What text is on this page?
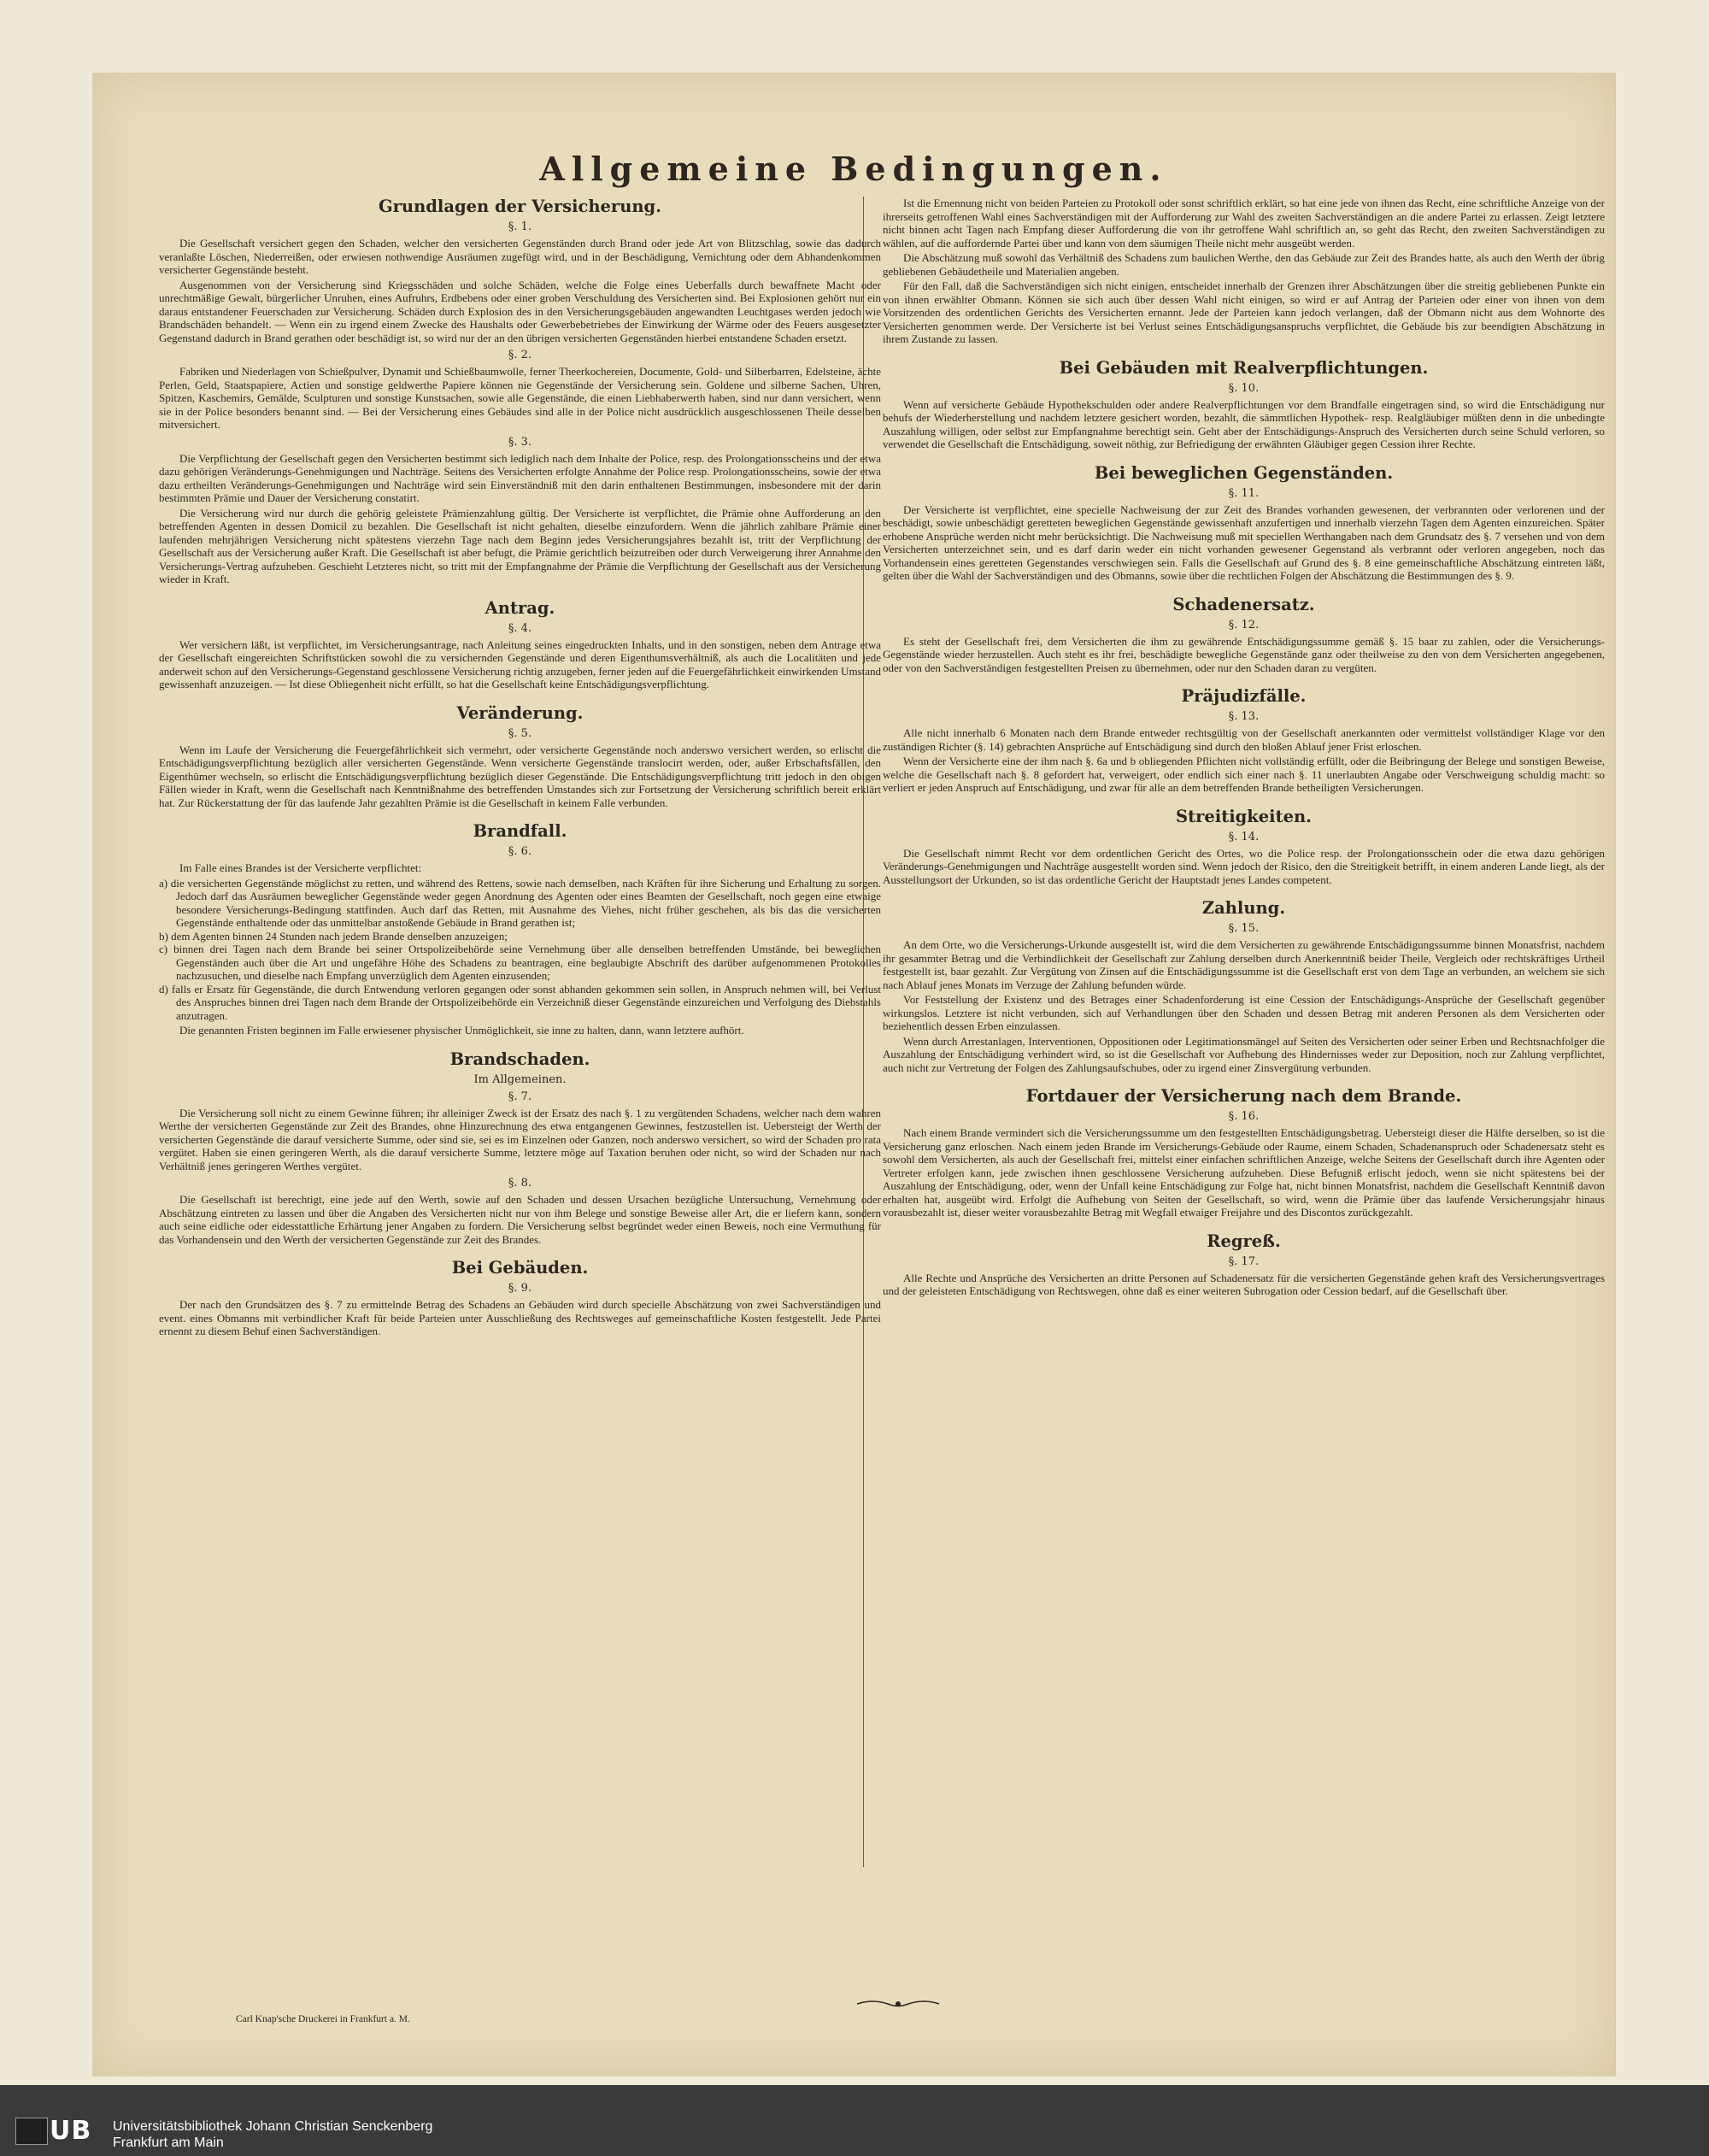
Allgemeine Bedingungen.
Grundlagen der Versicherung.
§. 1.

Die Gesellschaft versichert gegen den Schaden, welcher den versicherten Gegenständen durch Brand oder jede Art von Blitzschlag, sowie das dadurch veranlaßte Löschen, Niederreißen, oder erwiesen nothwendige Ausräumen zugefügt wird, und in der Beschädigung, Vernichtung oder dem Abhandenkommen versicherter Gegenstände besteht.

Ausgenommen von der Versicherung sind Kriegsschäden und solche Schäden, welche die Folge eines Ueberfalls durch bewaffnete Macht oder unrechtmäßige Gewalt, bürgerlicher Unruhen, eines Aufruhrs, Erdbebens oder einer groben Verschuldung des Versicherten sind. Bei Explosionen gehört nur ein daraus entstandener Feuerschaden zur Versicherung. Schäden durch Explosion des in den Versicherungsgebäuden angewandten Leuchtgases werden jedoch wie Brandschäden behandelt. — Wenn ein zu irgend einem Zwecke des Haushalts oder Gewerbebetriebes der Einwirkung der Wärme oder des Feuers ausgesetzter Gegenstand dadurch in Brand gerathen oder beschädigt ist, so wird nur der an den übrigen versicherten Gegenständen hierbei entstandene Schaden ersetzt.

§. 2.

Fabriken und Niederlagen von Schießpulver, Dynamit und Schießbaumwolle, ferner Theerkochereien, Documente, Gold- und Silberbarren, Edelsteine, ächte Perlen, Geld, Staatspapiere, Actien und sonstige geldwerthe Papiere können nie Gegenstände der Versicherung sein. Goldene und silberne Sachen, Uhren, Spitzen, Kaschemirs, Gemälde, Sculpturen und sonstige Kunstsachen, sowie alle Gegenstände, die einen Liebhaberwerth haben, sind nur dann versichert, wenn sie in der Police besonders benannt sind. — Bei der Versicherung eines Gebäudes sind alle in der Police nicht ausdrücklich ausgeschlossenen Theile desselben mitversichert.

§. 3.

Die Verpflichtung der Gesellschaft gegen den Versicherten bestimmt sich lediglich nach dem Inhalte der Police, resp. des Prolongationsscheins und der etwa dazu gehörigen Veränderungs-Genehmigungen und Nachträge. Seitens des Versicherten erfolgte Annahme der Police resp. Prolongationsscheins, sowie der etwa dazu ertheilten Veränderungs-Genehmigungen und Nachträge wird sein Einverständniß mit den darin enthaltenen Bestimmungen, insbesondere mit der darin bestimmten Prämie und Dauer der Versicherung constatirt.

Die Versicherung wird nur durch die gehörig geleistete Prämienzahlung gültig. Der Versicherte ist verpflichtet, die Prämie ohne Aufforderung an den betreffenden Agenten in dessen Domicil zu bezahlen. Die Gesellschaft ist nicht gehalten, dieselbe einzufordern. Wenn die jährlich zahlbare Prämie einer laufenden mehrjährigen Versicherung nicht spätestens vierzehn Tage nach dem Beginn jedes Versicherungsjahres bezahlt ist, tritt der Verpflichtung der Gesellschaft aus der Versicherung außer Kraft. Die Gesellschaft ist aber befugt, die Prämie gerichtlich beizutreiben oder durch Verweigerung ihrer Annahme den Versicherungs-Vertrag aufzuheben. Geschieht Letzteres nicht, so tritt mit der Empfangnahme der Prämie die Verpflichtung der Gesellschaft aus der Versicherung wieder in Kraft.

Antrag.
§. 4.

Wer versichern läßt, ist verpflichtet, im Versicherungsantrage, nach Anleitung seines eingedruckten Inhalts, und in den sonstigen, neben dem Antrage etwa der Gesellschaft eingereichten Schriftstücken sowohl die zu versichernden Gegenstände und deren Eigenthumsverhältniß, als auch die Localitäten und jede anderweit schon auf den Versicherungs-Gegenstand geschlossene Versicherung richtig anzugeben, ferner jeden auf die Feuergefährlichkeit einwirkenden Umstand gewissenhaft anzuzeigen. — Ist diese Obliegenheit nicht erfüllt, so hat die Gesellschaft keine Entschädigungsverpflichtung.

Veränderung.
§. 5.

Wenn im Laufe der Versicherung die Feuergefährlichkeit sich vermehrt, oder versicherte Gegenstände noch anderswo versichert werden, so erlischt die Entschädigungsverpflichtung bezüglich aller versicherten Gegenstände. Wenn versicherte Gegenstände translocirt werden, oder, außer Erbschaftsfällen, den Eigenthümer wechseln, so erlischt die Entschädigungsverpflichtung bezüglich dieser Gegenstände. Die Entschädigungsverpflichtung tritt jedoch in den obigen Fällen wieder in Kraft, wenn die Gesellschaft nach Kenntnißnahme des betreffenden Umstandes sich zur Fortsetzung der Versicherung schriftlich bereit erklärt hat. Zur Rückerstattung der für das laufende Jahr gezahlten Prämie ist die Gesellschaft in keinem Falle verbunden.

Brandfall.
§. 6.

Im Falle eines Brandes ist der Versicherte verpflichtet:

a) die versicherten Gegenstände möglichst zu retten, und während des Rettens, sowie nach demselben, nach Kräften für ihre Sicherung und Erhaltung zu sorgen. Jedoch darf das Ausräumen beweglicher Gegenstände weder gegen Anordnung des Agenten oder eines Beamten der Gesellschaft, noch gegen eine etwaige besondere Versicherungs-Bedingung stattfinden. Auch darf das Retten, mit Ausnahme des Viehes, nicht früher geschehen, als bis das die versicherten Gegenstände enthaltende oder das unmittelbar anstoßende Gebäude in Brand gerathen ist;
b) dem Agenten binnen 24 Stunden nach jedem Brande denselben anzuzeigen;
c) binnen drei Tagen nach dem Brande bei seiner Ortspolizeibehörde seine Vernehmung über alle denselben betreffenden Umstände, bei beweglichen Gegenständen auch über die Art und ungefähre Höhe des Schadens zu beantragen, eine beglaubigte Abschrift des darüber aufgenommenen Protokolles nachzusuchen, und dieselbe nach Empfang unverzüglich dem Agenten einzusenden;
d) falls er Ersatz für Gegenstände, die durch Entwendung verloren gegangen oder sonst abhanden gekommen sein sollen, in Anspruch nehmen will, bei Verlust des Anspruches binnen drei Tagen nach dem Brande der Ortspolizeibehörde ein Verzeichniß dieser Gegenstände einzureichen und Verfolgung des Diebstahls anzutragen.

Die genannten Fristen beginnen im Falle erwiesener physischer Unmöglichkeit, sie inne zu halten, dann, wann letztere aufhört.

Brandschaden.
Im Allgemeinen.
§. 7.

Die Versicherung soll nicht zu einem Gewinne führen; ihr alleiniger Zweck ist der Ersatz des nach §. 1 zu vergütenden Schadens, welcher nach dem wahren Werthe der versicherten Gegenstände zur Zeit des Brandes, ohne Hinzurechnung des etwa entgangenen Gewinnes, festzustellen ist. Uebersteigt der Werth der versicherten Gegenstände die darauf versicherte Summe, oder sind sie, sei es im Einzelnen oder Ganzen, noch anderswo versichert, so wird der Schaden pro rata vergütet. Haben sie einen geringeren Werth, als die darauf versicherte Summe, letztere möge auf Taxation beruhen oder nicht, so wird der Schaden nur nach Verhältniß jenes geringeren Werthes vergütet.

§. 8.

Die Gesellschaft ist berechtigt, eine jede auf den Werth, sowie auf den Schaden und dessen Ursachen bezügliche Untersuchung, Vernehmung oder Abschätzung eintreten zu lassen und über die Angaben des Versicherten nicht nur von ihm Belege und sonstige Beweise aller Art, die er liefern kann, sondern auch seine eidliche oder eidesstattliche Erhärtung jener Angaben zu fordern. Die Versicherung selbst begründet weder einen Beweis, noch eine Vermuthung für das Vorhandensein und den Werth der versicherten Gegenstände zur Zeit des Brandes.

Bei Gebäuden.
§. 9.

Der nach den Grundsätzen des §. 7 zu ermittelnde Betrag des Schadens an Gebäuden wird durch specielle Abschätzung von zwei Sachverständigen und event. eines Obmanns mit verbindlicher Kraft für beide Parteien unter Ausschließung des Rechtsweges auf gemeinschaftliche Kosten festgestellt. Jede Partei ernennt zu diesem Behuf einen Sachverständigen.

Ist die Ernennung nicht von beiden Parteien zu Protokoll oder sonst schriftlich erklärt, so hat eine jede von ihnen das Recht, eine schriftliche Anzeige von der ihrerseits getroffenen Wahl eines Sachverständigen mit der Aufforderung zur Wahl des zweiten Sachverständigen an die andere Partei zu erlassen. Zeigt letztere nicht binnen acht Tagen nach Empfang dieser Aufforderung die von ihr getroffene Wahl schriftlich an, so geht das Recht, den zweiten Sachverständigen zu wählen, auf die auffordernde Partei über und kann von dem säumigen Theile nicht mehr ausgeübt werden.

Die Abschätzung muß sowohl das Verhältniß des Schadens zum baulichen Werthe, den das Gebäude zur Zeit des Brandes hatte, als auch den Werth der übrig gebliebenen Gebäudetheile und Materialien angeben.

Für den Fall, daß die Sachverständigen sich nicht einigen, entscheidet innerhalb der Grenzen ihrer Abschätzungen über die streitig gebliebenen Punkte ein von ihnen erwählter Obmann. Können sie sich auch über dessen Wahl nicht einigen, so wird er auf Antrag der Parteien oder einer von ihnen von dem Vorsitzenden des ordentlichen Gerichts des Versicherten ernannt. Jede der Parteien kann jedoch verlangen, daß der Obmann nicht aus dem Wohnorte des Versicherten genommen werde. Der Versicherte ist bei Verlust seines Entschädigungsanspruchs verpflichtet, die Gebäude bis zur beendigten Abschätzung in ihrem Zustande zu lassen.

Bei Gebäuden mit Realverpflichtungen.
§. 10.

Wenn auf versicherte Gebäude Hypothekschulden oder andere Realverpflichtungen vor dem Brandfalle eingetragen sind, so wird die Entschädigung nur behufs der Wiederherstellung und nachdem letztere gesichert worden, bezahlt, die sämmtlichen Hypothek- resp. Realgläubiger müßten denn in die unbedingte Auszahlung willigen, oder selbst zur Empfangnahme berechtigt sein. Geht aber der Entschädigungs-Anspruch des Versicherten durch seine Schuld verloren, so verwendet die Gesellschaft die Entschädigung, soweit nöthig, zur Befriedigung der erwähnten Gläubiger gegen Cession ihrer Rechte.

Bei beweglichen Gegenständen.
§. 11.

Der Versicherte ist verpflichtet, eine specielle Nachweisung der zur Zeit des Brandes vorhanden gewesenen, der verbrannten oder verlorenen und der beschädigt, sowie unbeschädigt geretteten beweglichen Gegenstände gewissenhaft anzufertigen und innerhalb vierzehn Tagen dem Agenten einzureichen. Später erhobene Ansprüche werden nicht mehr berücksichtigt. Die Nachweisung muß mit speciellen Werthangaben nach dem Grundsatz des §. 7 versehen und von dem Versicherten unterzeichnet sein, und es darf darin weder ein nicht vorhanden gewesener Gegenstand als verbrannt oder verloren angegeben, noch das Vorhandensein eines geretteten Gegenstandes verschwiegen sein. Falls die Gesellschaft auf Grund des §. 8 eine gemeinschaftliche Abschätzung eintreten läßt, gelten über die Wahl der Sachverständigen und des Obmanns, sowie über die rechtlichen Folgen der Abschätzung die Bestimmungen des §. 9.

Schadenersatz.
§. 12.

Es steht der Gesellschaft frei, dem Versicherten die ihm zu gewährende Entschädigungssumme gemäß §. 15 baar zu zahlen, oder die Versicherungs-Gegenstände wieder herzustellen. Auch steht es ihr frei, beschädigte bewegliche Gegenstände ganz oder theilweise zu den von dem Versicherten angegebenen, oder von den Sachverständigen festgestellten Preisen zu übernehmen, oder nur den Schaden daran zu vergüten.

Präjudizfälle.
§. 13.

Alle nicht innerhalb 6 Monaten nach dem Brande entweder rechtsgültig von der Gesellschaft anerkannten oder vermittelst vollständiger Klage vor den zuständigen Richter (§. 14) gebrachten Ansprüche auf Entschädigung sind durch den bloßen Ablauf jener Frist erloschen.

Wenn der Versicherte eine der ihm nach §. 6a und b obliegenden Pflichten nicht vollständig erfüllt, oder die Beibringung der Belege und sonstigen Beweise, welche die Gesellschaft nach §. 8 gefordert hat, verweigert, oder endlich sich einer nach §. 11 unerlaubten Angabe oder Verschweigung schuldig macht: so verliert er jeden Anspruch auf Entschädigung, und zwar für alle an dem betreffenden Brande betheiligten Versicherungen.

Streitigkeiten.
§. 14.

Die Gesellschaft nimmt Recht vor dem ordentlichen Gericht des Ortes, wo die Police resp. der Prolongationsschein oder die etwa dazu gehörigen Veränderungs-Genehmigungen und Nachträge ausgestellt worden sind. Wenn jedoch der Risico, den die Streitigkeit betrifft, in einem anderen Lande liegt, als der Ausstellungsort der Urkunden, so ist das ordentliche Gericht der Hauptstadt jenes Landes competent.

Zahlung.
§. 15.

An dem Orte, wo die Versicherungs-Urkunde ausgestellt ist, wird die dem Versicherten zu gewährende Entschädigungssumme binnen Monatsfrist, nachdem ihr gesammter Betrag und die Verbindlichkeit der Gesellschaft zur Zahlung derselben durch Anerkenntniß beider Theile, Vergleich oder rechtskräftiges Urtheil festgestellt ist, baar gezahlt. Zur Vergütung von Zinsen auf die Entschädigungssumme ist die Gesellschaft erst von dem Tage an verbunden, an welchem sie sich nach Ablauf jenes Monats im Verzuge der Zahlung befunden würde.

Vor Feststellung der Existenz und des Betrages einer Schadenforderung ist eine Cession der Entschädigungs-Ansprüche der Gesellschaft gegenüber wirkungslos. Letztere ist nicht verbunden, sich auf Verhandlungen über den Schaden und dessen Betrag mit anderen Personen als dem Versicherten oder beziehentlich dessen Erben einzulassen.

Wenn durch Arrestanlagen, Interventionen, Oppositionen oder Legitimationsmängel auf Seiten des Versicherten oder seiner Erben und Rechtsnachfolger die Auszahlung der Entschädigung verhindert wird, so ist die Gesellschaft vor Aufhebung des Hindernisses weder zur Deposition, noch zur Zahlung verpflichtet, auch nicht zur Vertretung der Folgen des Zahlungsaufschubes, oder zu irgend einer Zinsvergütung verbunden.

Fortdauer der Versicherung nach dem Brande.
§. 16.

Nach einem Brande vermindert sich die Versicherungssumme um den festgestellten Entschädigungsbetrag. Uebersteigt dieser die Hälfte derselben, so ist die Versicherung ganz erloschen. Nach einem jeden Brande im Versicherungs-Gebäude oder Raume, einem Schaden, Schadenanspruch oder Schadenersatz steht es sowohl dem Versicherten, als auch der Gesellschaft frei, mittelst einer einfachen schriftlichen Anzeige, welche Seitens der Gesellschaft durch ihre Agenten oder Vertreter erfolgen kann, jede zwischen ihnen geschlossene Versicherung aufzuheben. Diese Befugniß erlischt jedoch, wenn sie nicht spätestens bei der Auszahlung der Entschädigung, oder, wenn der Unfall keine Entschädigung zur Folge hat, nicht binnen Monatsfrist, nachdem die Gesellschaft Kenntniß davon erhalten hat, ausgeübt wird. Erfolgt die Aufhebung von Seiten der Gesellschaft, so wird, wenn die Prämie über das laufende Versicherungsjahr hinaus vorausbezahlt ist, dieser weiter vorausbezahlte Betrag mit Wegfall etwaiger Freijahre und des Discontos zurückgezahlt.

Regreß.
§. 17.

Alle Rechte und Ansprüche des Versicherten an dritte Personen auf Schadenersatz für die versicherten Gegenstände gehen kraft des Versicherungsvertrages und der geleisteten Entschädigung von Rechtswegen, ohne daß es einer weiteren Subrogation oder Cession bedarf, auf die Gesellschaft über.

Carl Knap'sche Druckerei in Frankfurt a. M.
UB Universitätsbibliothek Johann Christian Senckenberg
Frankfurt am Main
